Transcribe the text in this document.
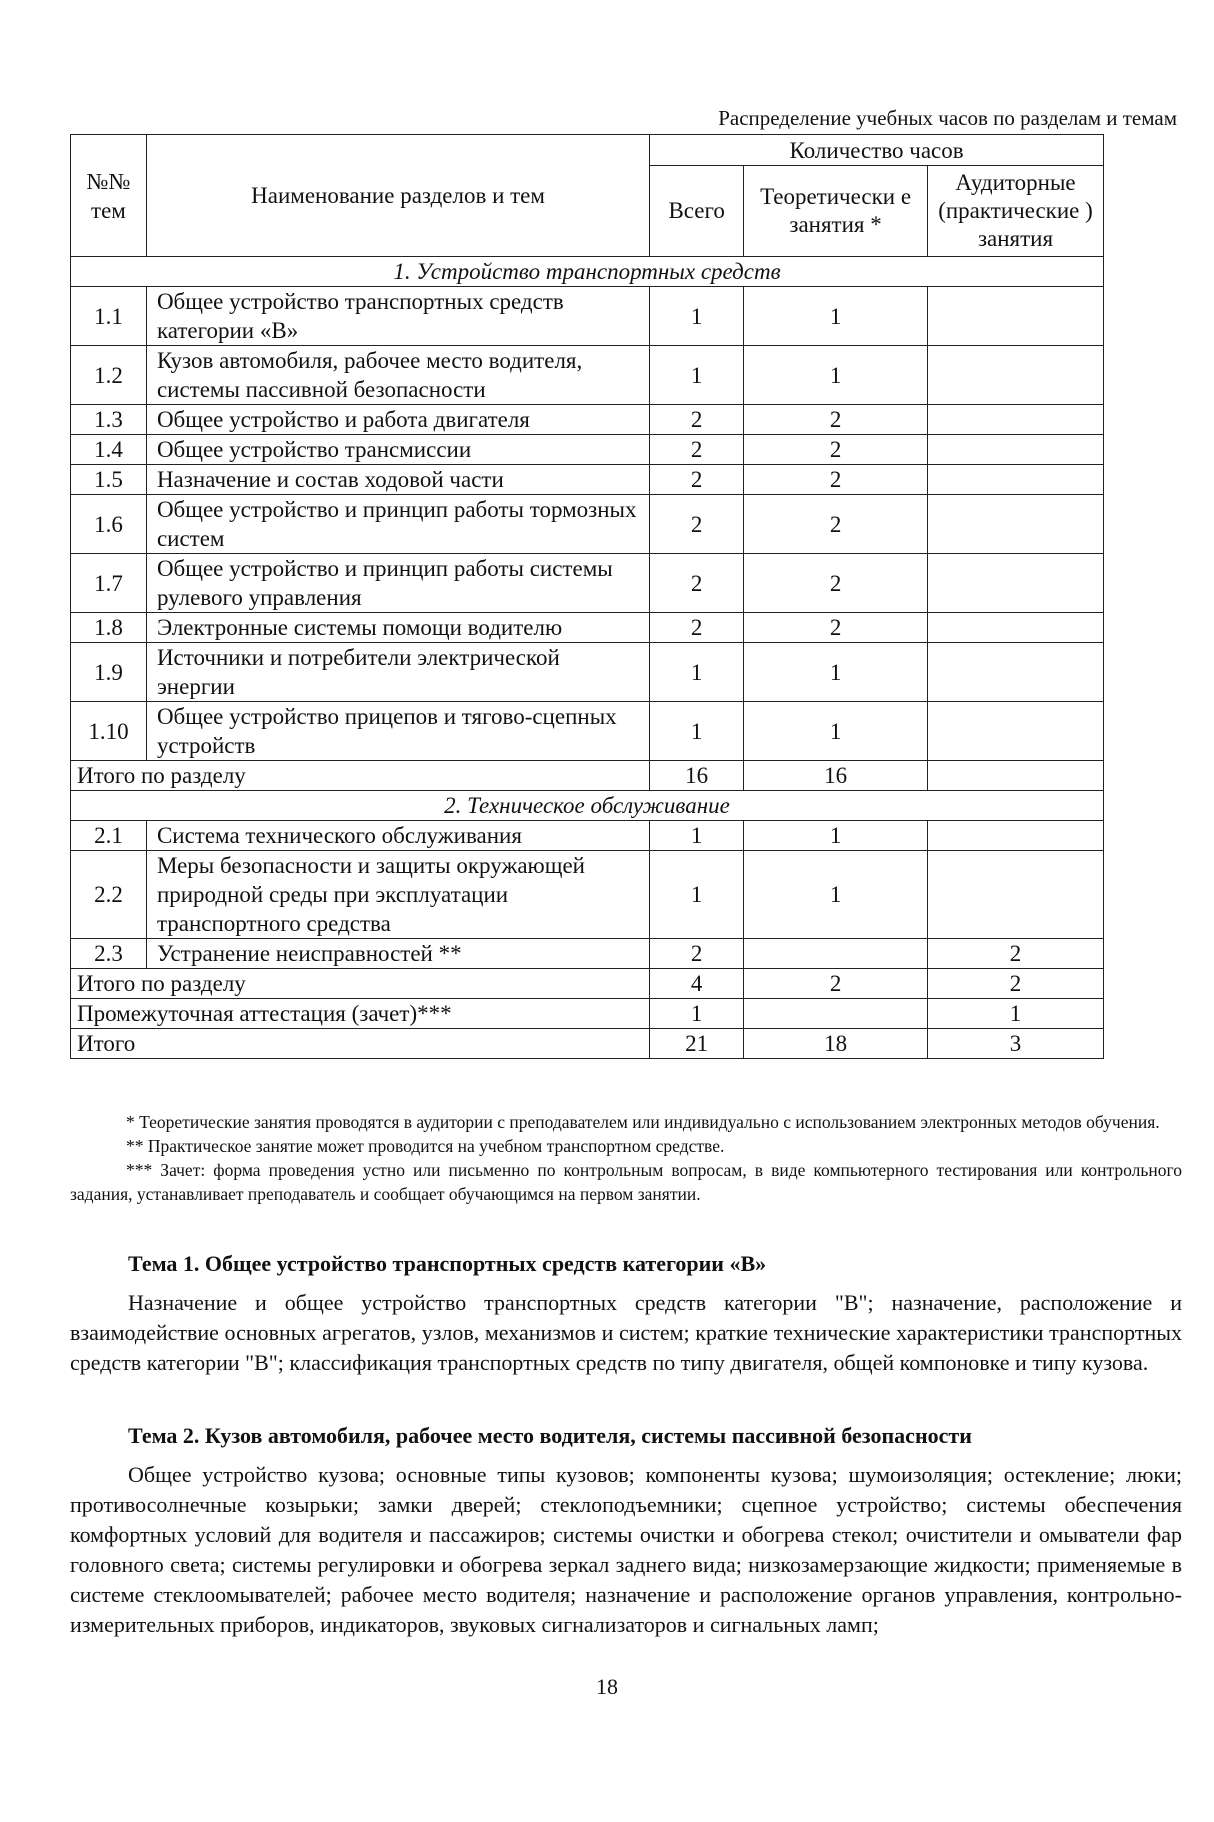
Распределение учебных часов по разделам и темам
№№ тем	Наименование разделов и тем	Количество часов		
		Всего	Теоретически е занятия *	Аудиторные (практические ) занятия
1. Устройство транспортных средств				
1.1	Общее устройство транспортных средств категории «В»	1	1	
1.2	Кузов автомобиля, рабочее место водителя, системы пассивной безопасности	1	1	
1.3	Общее устройство и работа двигателя	2	2	
1.4	Общее устройство трансмиссии	2	2	
1.5	Назначение и состав ходовой части	2	2	
1.6	Общее устройство и принцип работы тормозных систем	2	2	
1.7	Общее устройство и принцип работы системы рулевого управления	2	2	
1.8	Электронные системы помощи водителю	2	2	
1.9	Источники и потребители электрической энергии	1	1	
1.10	Общее устройство прицепов и тягово-сцепных устройств	1	1	
Итого по разделу		16	16	
2. Техническое обслуживание				
2.1	Система технического обслуживания	1	1	
2.2	Меры безопасности и защиты окружающей природной среды при эксплуатации транспортного средства	1	1	
2.3	Устранение неисправностей **	2		2
Итого по разделу		4	2	2
Промежуточная аттестация (зачет)***		1		1
Итого		21	18	3

* Теоретические занятия проводятся в аудитории с преподавателем или индивидуально с использованием электронных методов обучения.

** Практическое занятие может проводится на учебном транспортном средстве.

*** Зачет: форма проведения устно или письменно по контрольным вопросам, в виде компьютерного тестирования или контрольного задания, устанавливает преподаватель и сообщает обучающимся на первом занятии.

Тема 1. Общее устройство транспортных средств категории «В»

Назначение и общее устройство транспортных средств категории "В"; назначение, расположение и взаимодействие основных агрегатов, узлов, механизмов и систем; краткие технические характеристики транспортных средств категории "В"; классификация транспортных средств по типу двигателя, общей компоновке и типу кузова.

Тема 2. Кузов автомобиля, рабочее место водителя, системы пассивной безопасности

Общее устройство кузова; основные типы кузовов; компоненты кузова; шумоизоляция; остекление; люки; противосолнечные козырьки; замки дверей; стеклоподъемники; сцепное устройство; системы обеспечения комфортных условий для водителя и пассажиров; системы очистки и обогрева стекол; очистители и омыватели фар головного света; системы регулировки и обогрева зеркал заднего вида; низкозамерзающие жидкости; применяемые в системе стеклоомывателей; рабочее место водителя; назначение и расположение органов управления, контрольно-измерительных приборов, индикаторов, звуковых сигнализаторов и сигнальных ламп;

18
